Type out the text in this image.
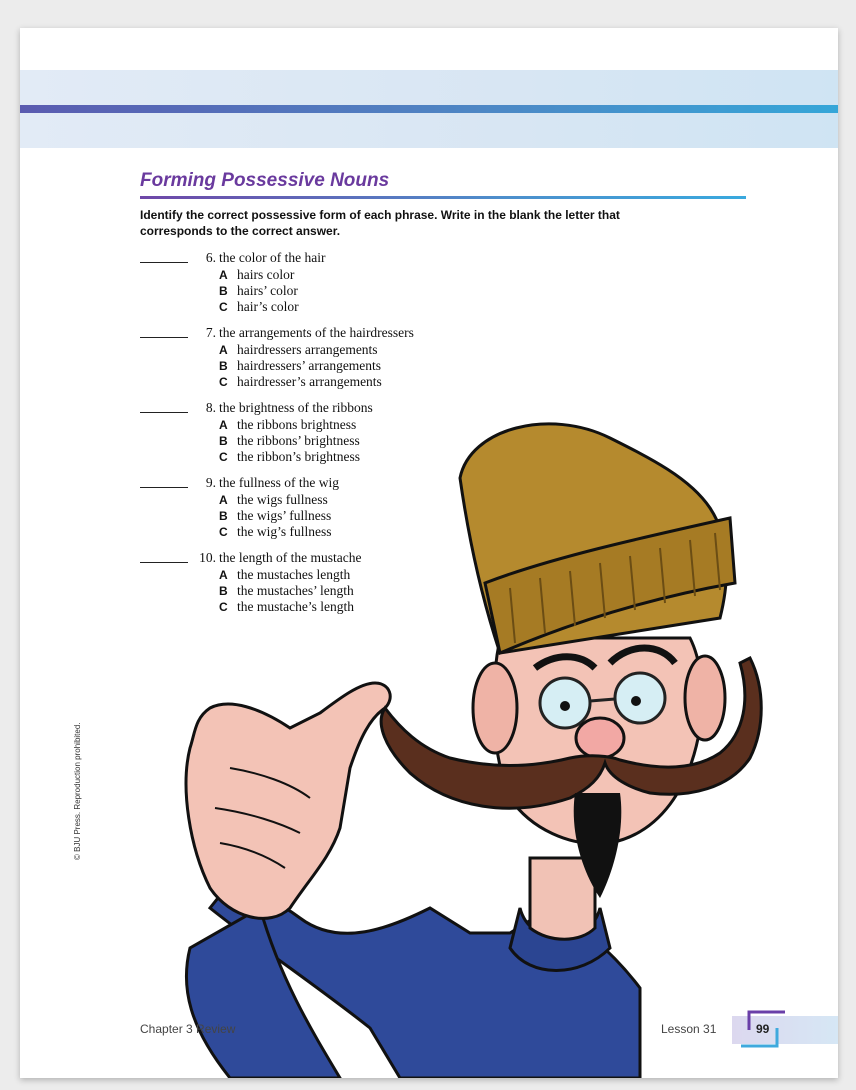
Forming Possessive Nouns

Identify the correct possessive form of each phrase. Write in the blank the letter that corresponds to the correct answer.

6. the color of the hair
A hairs color
B hairs’ color
C hair’s color
7. the arrangements of the hairdressers
A hairdressers arrangements
B hairdressers’ arrangements
C hairdresser’s arrangements
8. the brightness of the ribbons
A the ribbons brightness
B the ribbons’ brightness
C the ribbon’s brightness
9. the fullness of the wig
A the wigs fullness
B the wigs’ fullness
C the wig’s fullness
10. the length of the mustache
A the mustaches length
B the mustaches’ length
C the mustache’s length
© BJU Press. Reproduction prohibited.
Chapter 3 Review	Lesson 31	99
